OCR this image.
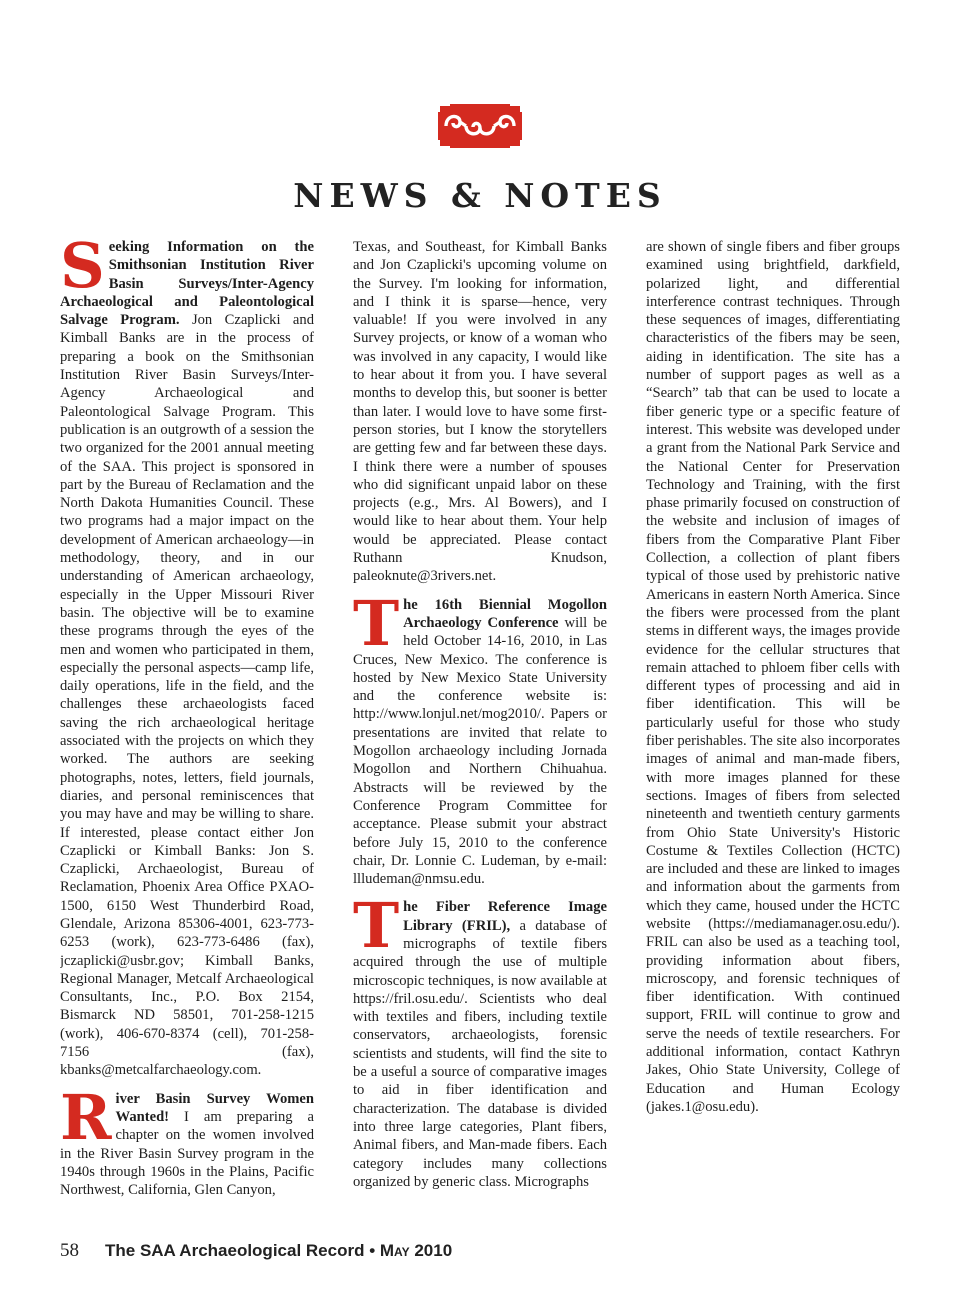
NEWS & NOTES

Seeking Information on the Smithsonian Institution River Basin Surveys/Inter-Agency Archaeological and Paleontological Salvage Program. Jon Czaplicki and Kimball Banks are in the process of preparing a book on the Smithsonian Institution River Basin Surveys/Inter-Agency Archaeological and Paleontological Salvage Program. This publication is an outgrowth of a session the two organized for the 2001 annual meeting of the SAA. This project is sponsored in part by the Bureau of Reclamation and the North Dakota Humanities Council. These two programs had a major impact on the development of American archaeology—in methodology, theory, and in our understanding of American archaeology, especially in the Upper Missouri River basin. The objective will be to examine these programs through the eyes of the men and women who participated in them, especially the personal aspects—camp life, daily operations, life in the field, and the challenges these archaeologists faced saving the rich archaeological heritage associated with the projects on which they worked. The authors are seeking photographs, notes, letters, field journals, diaries, and personal reminiscences that you may have and may be willing to share. If interested, please contact either Jon Czaplicki or Kimball Banks: Jon S. Czaplicki, Archaeologist, Bureau of Reclamation, Phoenix Area Office PXAO-1500, 6150 West Thunderbird Road, Glendale, Arizona 85306-4001, 623-773-6253 (work), 623-773-6486 (fax), jczaplicki@usbr.gov; Kimball Banks, Regional Manager, Metcalf Archaeological Consultants, Inc., P.O. Box 2154, Bismarck ND 58501, 701-258-1215 (work), 406-670-8374 (cell), 701-258-7156 (fax), kbanks@metcalfarchaeology.com.

River Basin Survey Women Wanted! I am preparing a chapter on the women involved in the River Basin Survey program in the 1940s through 1960s in the Plains, Pacific Northwest, California, Glen Canyon,

Texas, and Southeast, for Kimball Banks and Jon Czaplicki's upcoming volume on the Survey. I'm looking for information, and I think it is sparse—hence, very valuable! If you were involved in any Survey projects, or know of a woman who was involved in any capacity, I would like to hear about it from you. I have several months to develop this, but sooner is better than later. I would love to have some first-person stories, but I know the storytellers are getting few and far between these days. I think there were a number of spouses who did significant unpaid labor on these projects (e.g., Mrs. Al Bowers), and I would like to hear about them. Your help would be appreciated. Please contact Ruthann Knudson, paleoknute@3rivers.net.

The 16th Biennial Mogollon Archaeology Conference will be held October 14-16, 2010, in Las Cruces, New Mexico. The conference is hosted by New Mexico State University and the conference website is: http://www.lonjul.net/mog2010/. Papers or presentations are invited that relate to Mogollon archaeology including Jornada Mogollon and Northern Chihuahua. Abstracts will be reviewed by the Conference Program Committee for acceptance. Please submit your abstract before July 15, 2010 to the conference chair, Dr. Lonnie C. Ludeman, by e-mail: llludeman@nmsu.edu.

The Fiber Reference Image Library (FRIL), a database of micrographs of textile fibers acquired through the use of multiple microscopic techniques, is now available at https://fril.osu.edu/. Scientists who deal with textiles and fibers, including textile conservators, archaeologists, forensic scientists and students, will find the site to be a useful a source of comparative images to aid in fiber identification and characterization. The database is divided into three large categories, Plant fibers, Animal fibers, and Man-made fibers. Each category includes many collections organized by generic class. Micrographs

are shown of single fibers and fiber groups examined using brightfield, darkfield, polarized light, and differential interference contrast techniques. Through these sequences of images, differentiating characteristics of the fibers may be seen, aiding in identification. The site has a number of support pages as well as a “Search” tab that can be used to locate a fiber generic type or a specific feature of interest. This website was developed under a grant from the National Park Service and the National Center for Preservation Technology and Training, with the first phase primarily focused on construction of the website and inclusion of images of fibers from the Comparative Plant Fiber Collection, a collection of plant fibers typical of those used by prehistoric native Americans in eastern North America. Since the fibers were processed from the plant stems in different ways, the images provide evidence for the cellular structures that remain attached to phloem fiber cells with different types of processing and aid in fiber identification. This will be particularly useful for those who study fiber perishables. The site also incorporates images of animal and man-made fibers, with more images planned for these sections. Images of fibers from selected nineteenth and twentieth century garments from Ohio State University's Historic Costume & Textiles Collection (HCTC) are included and these are linked to images and information about the garments from which they came, housed under the HCTC website (https://mediamanager.osu.edu/). FRIL can also be used as a teaching tool, providing information about fibers, microscopy, and forensic techniques of fiber identification. With continued support, FRIL will continue to grow and serve the needs of textile researchers. For additional information, contact Kathryn Jakes, Ohio State University, College of Education and Human Ecology (jakes.1@osu.edu).

58 The SAA Archaeological Record • May 2010
